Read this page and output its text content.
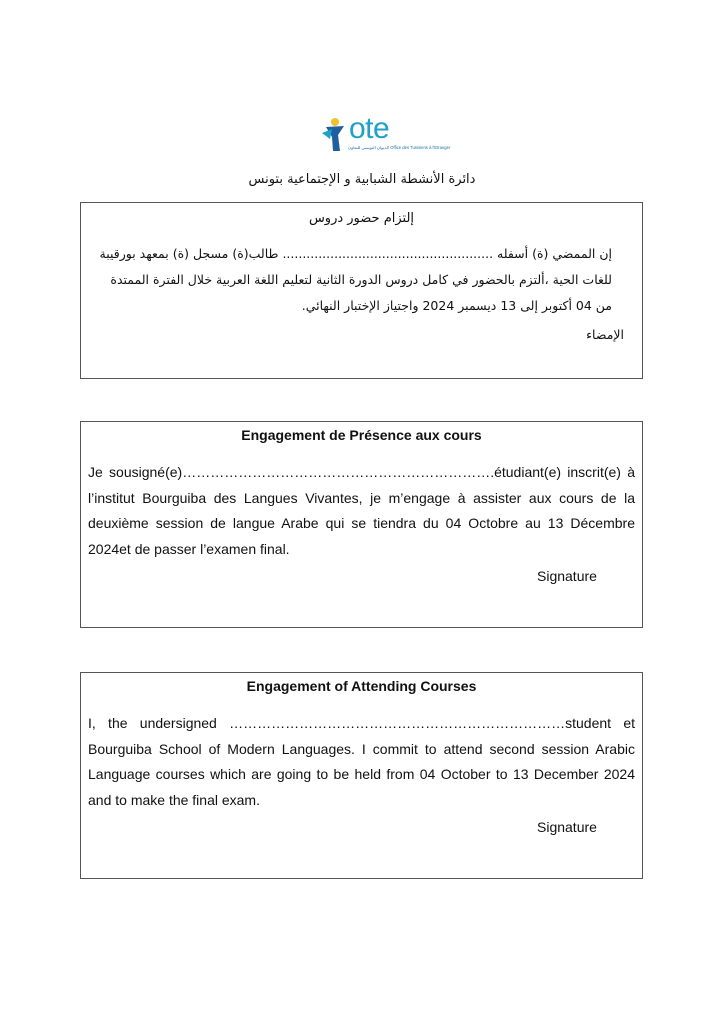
ote
الديوان التونسي للتعاون Office des Tunisiens à l'Etranger
دائرة الأنشطة الشبابية و الإجتماعية بتونس
إلتزام حضور دروس
إن الممضي (ة) أسفله ..................................................... طالب(ة) مسجل (ة) بمعهد بورقيبة للغات الحية ،ألتزم بالحضور في كامل دروس الدورة الثانية لتعليم اللغة العربية خلال الفترة الممتدة من 04 أكتوبر إلى 13 ديسمبر 2024 واجتياز الإختبار النهائي.
الإمضاء
Engagement de Présence aux cours
Je sousigné(e)………………………………………………………….étudiant(e) inscrit(e) à l’institut Bourguiba des Langues Vivantes, je m’engage à assister aux cours de la deuxième session de langue Arabe qui se tiendra du 04 Octobre au 13 Décembre 2024et de passer l’examen final.
Signature
Engagement of Attending Courses
I, the undersigned ………………………………………………………………student et Bourguiba School of Modern Languages. I commit to attend second session Arabic Language courses which are going to be held from 04 October to 13 December 2024 and to make the final exam.
Signature
